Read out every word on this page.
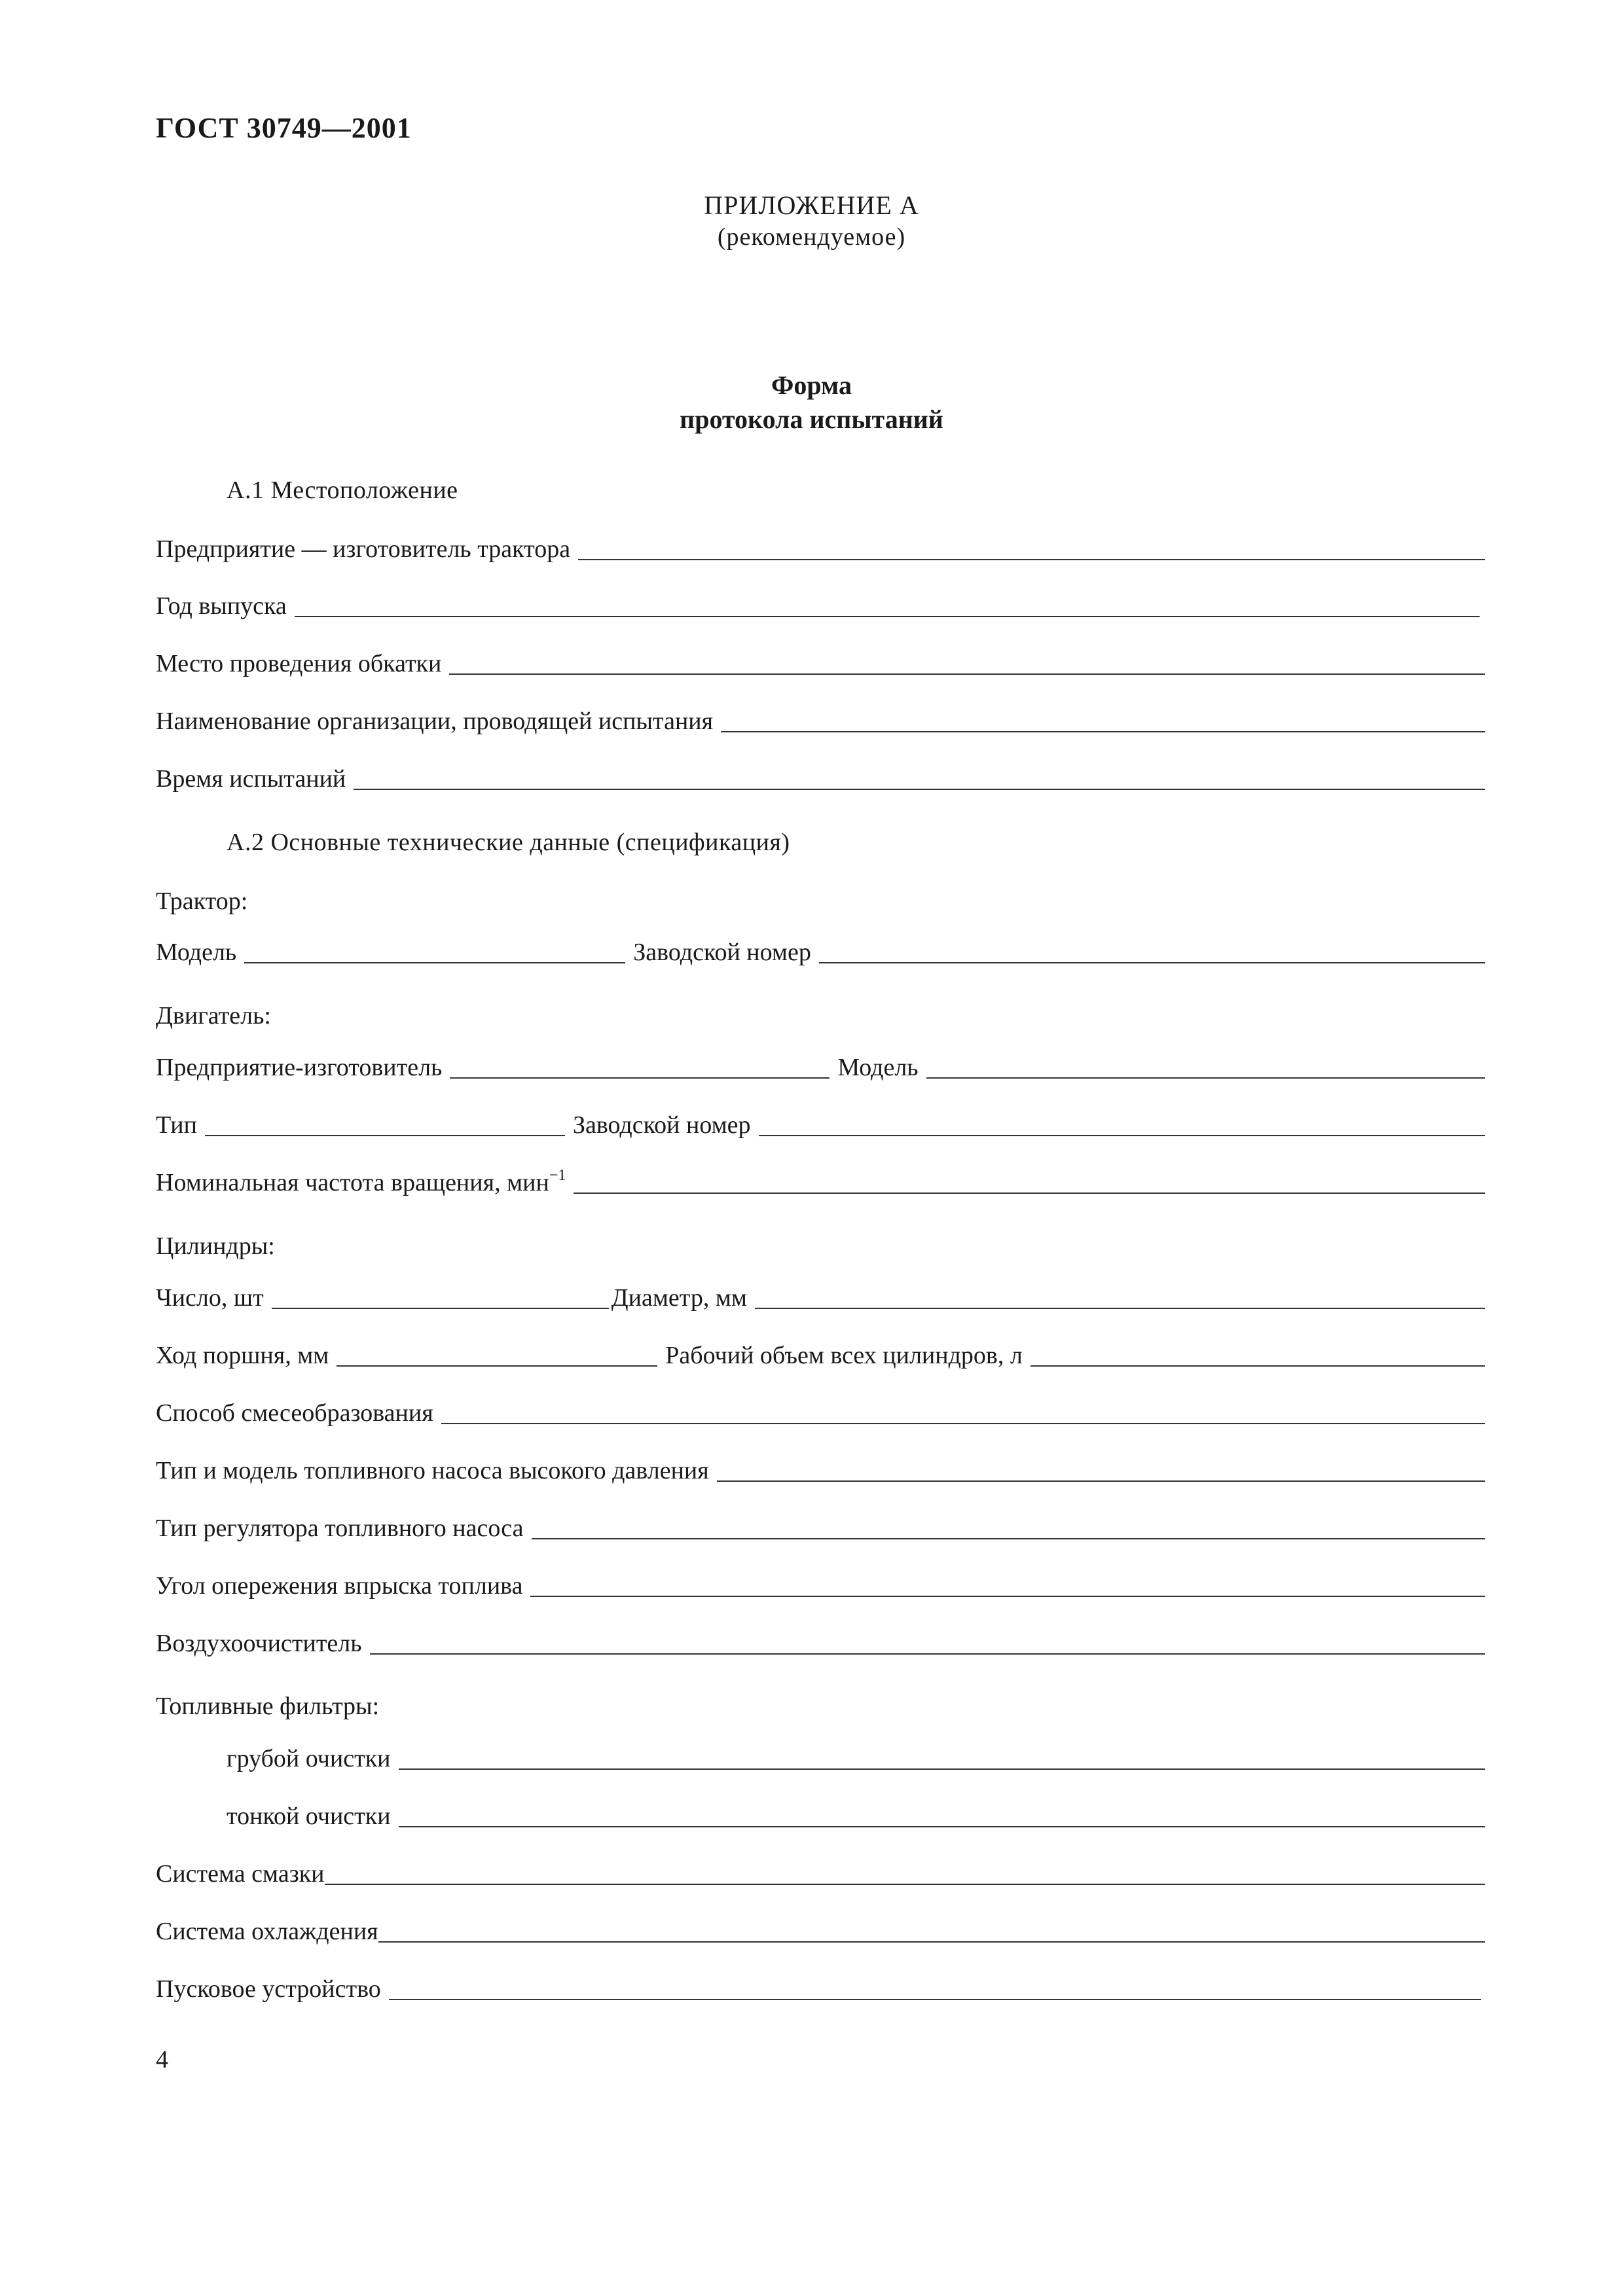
ГОСТ 30749—2001
ПРИЛОЖЕНИЕ А
(рекомендуемое)
Форма
протокола испытаний
А.1 Местоположение
Предприятие — изготовитель трактора
Год выпуска
Место проведения обкатки
Наименование организации, проводящей испытания
Время испытаний
А.2 Основные технические данные (спецификация)
Трактор:
Модель	Заводской номер
Двигатель:
Предприятие-изготовитель	Модель
Тип	Заводской номер
Номинальная частота вращения, мин$^{-1}$
Цилиндры:
Число, шт	Диаметр, мм
Ход поршня, мм	Рабочий объем всех цилиндров, л
Способ смесеобразования
Тип и модель топливного насоса высокого давления
Тип регулятора топливного насоса
Угол опережения впрыска топлива
Воздухоочиститель
Топливные фильтры:
грубой очистки
тонкой очистки
Система смазки
Система охлаждения
Пусковое устройство
4
